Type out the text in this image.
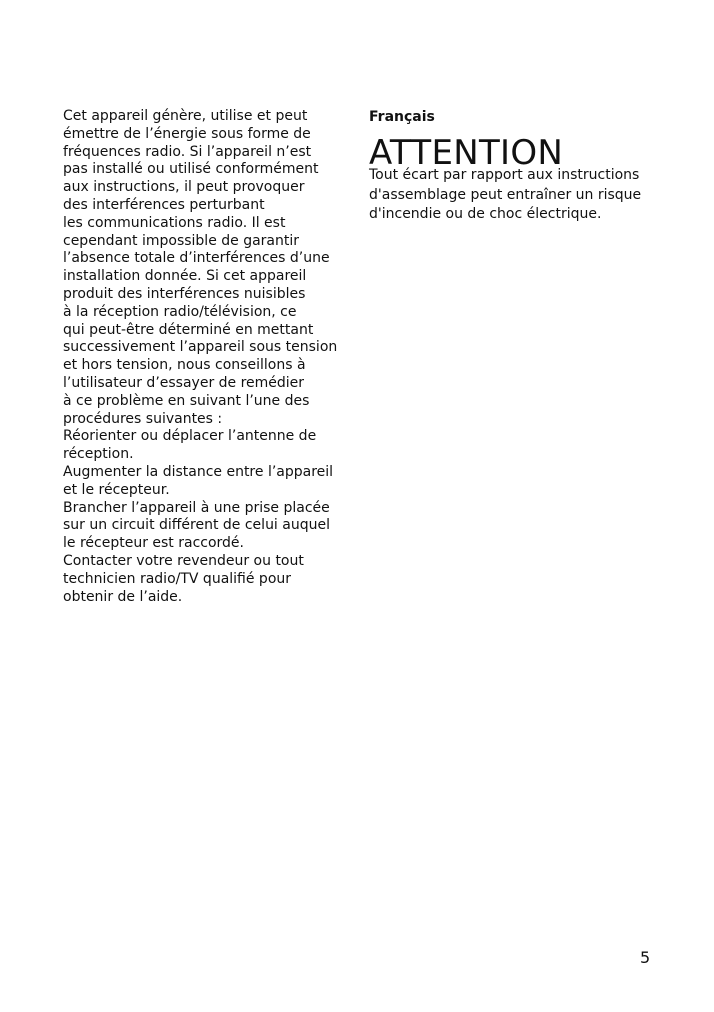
Cet appareil génère, utilise et peut
émettre de l’énergie sous forme de
fréquences radio. Si l’appareil n’est
pas installé ou utilisé conformément
aux instructions, il peut provoquer
des interférences perturbant
les communications radio. Il est
cependant impossible de garantir
l’absence totale d’interférences d’une
installation donnée. Si cet appareil
produit des interférences nuisibles
à la réception radio/télévision, ce
qui peut-être déterminé en mettant
successivement l’appareil sous tension
et hors tension, nous conseillons à
l’utilisateur d’essayer de remédier
à ce problème en suivant l’une des
procédures suivantes :
Réorienter ou déplacer l’antenne de
réception.
Augmenter la distance entre l’appareil
et le récepteur.
Brancher l’appareil à une prise placée
sur un circuit différent de celui auquel
le récepteur est raccordé.
Contacter votre revendeur ou tout
technicien radio/TV qualifié pour
obtenir de l’aide.

Français

ATTENTION

Tout écart par rapport aux instructions
d'assemblage peut entraîner un risque
d'incendie ou de choc électrique.

5
